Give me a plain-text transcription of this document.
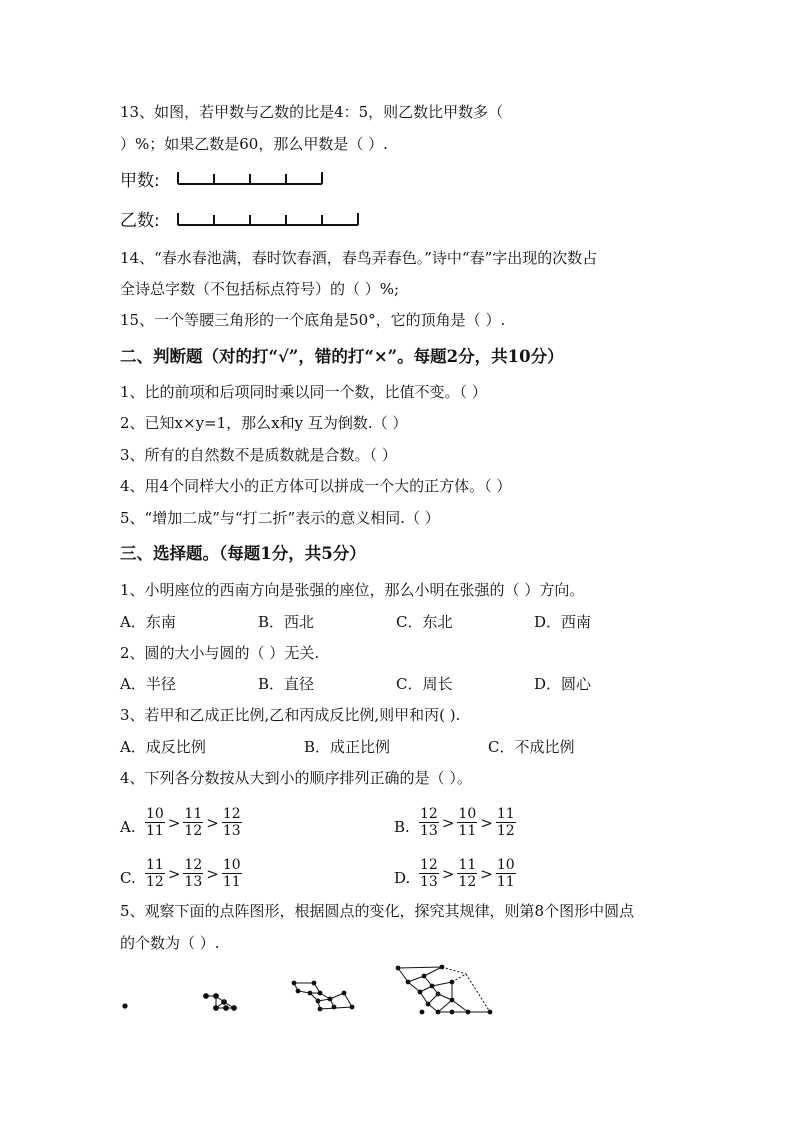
13、如图，若甲数与乙数的比是4：5，则乙数比甲数多（
）%；如果乙数是60，那么甲数是（ ）.
甲数:
乙数:
14、“春水春池满，春时饮春酒，春鸟弄春色。”诗中“春”字出现的次数占
全诗总字数（不包括标点符号）的（ ）%;
15、一个等腰三角形的一个底角是50°，它的顶角是（ ）.
二、判断题（对的打“√”，错的打“×”。每题2分，共10分）
1、比的前项和后项同时乘以同一个数，比值不变。（ ）
2、已知x×y=1，那么x和y 互为倒数.（ ）
3、所有的自然数不是质数就是合数。（ ）
4、用4个同样大小的正方体可以拼成一个大的正方体。（ ）
5、“增加二成”与“打二折”表示的意义相同.（ ）
三、选择题。（每题1分，共5分）
1、小明座位的西南方向是张强的座位，那么小明在张强的（ ）方向。
A．东南	B．西北	C．东北	D．西南
2、圆的大小与圆的（ ）无关.
A．半径	B．直径	C．周长	D．圆心
3、若甲和乙成正比例,乙和丙成反比例,则甲和丙( ).
A．成反比例	B．成正比例	C．不成比例
4、下列各分数按从大到小的顺序排列正确的是（ ）。
A. $\frac{10}{11} > \frac{11}{12} > \frac{12}{13}$	B. $\frac{12}{13} > \frac{10}{11} > \frac{11}{12}$
C. $\frac{11}{12} > \frac{12}{13} > \frac{10}{11}$	D. $\frac{12}{13} > \frac{11}{12} > \frac{10}{11}$
5、观察下面的点阵图形，根据圆点的变化，探究其规律，则第8个图形中圆点
的个数为（ ）.
